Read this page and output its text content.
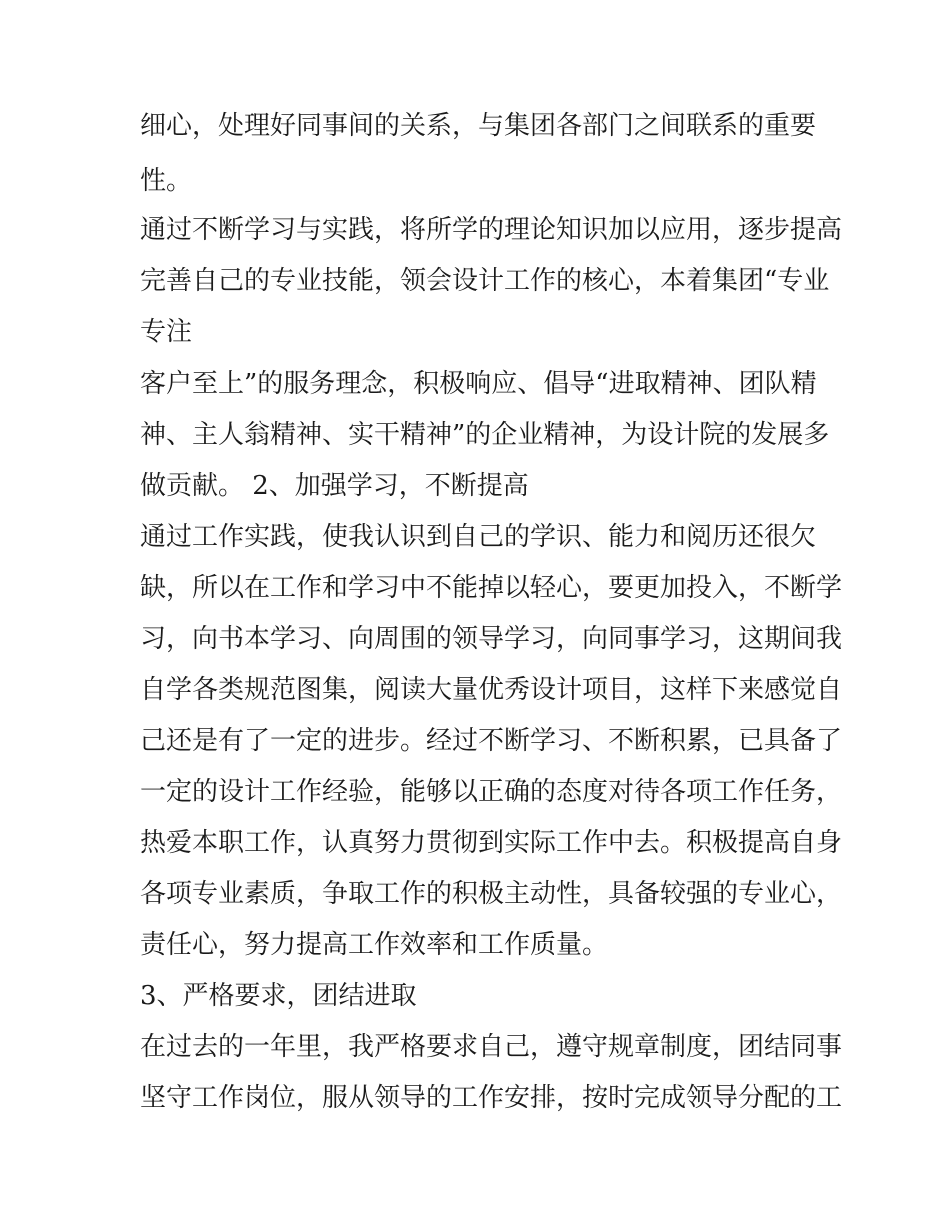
细心，处理好同事间的关系，与集团各部门之间联系的重要
性。
通过不断学习与实践，将所学的理论知识加以应用，逐步提高
完善自己的专业技能，领会设计工作的核心，本着集团“专业
专注
客户至上”的服务理念，积极响应、倡导“进取精神、团队精
神、主人翁精神、实干精神”的企业精神，为设计院的发展多
做贡献。 2、加强学习，不断提高
通过工作实践，使我认识到自己的学识、能力和阅历还很欠
缺，所以在工作和学习中不能掉以轻心，要更加投入，不断学
习，向书本学习、向周围的领导学习，向同事学习，这期间我
自学各类规范图集，阅读大量优秀设计项目，这样下来感觉自
己还是有了一定的进步。经过不断学习、不断积累，已具备了
一定的设计工作经验，能够以正确的态度对待各项工作任务，
热爱本职工作，认真努力贯彻到实际工作中去。积极提高自身
各项专业素质，争取工作的积极主动性，具备较强的专业心，
责任心，努力提高工作效率和工作质量。
3、严格要求，团结进取
在过去的一年里，我严格要求自己，遵守规章制度，团结同事
坚守工作岗位，服从领导的工作安排，按时完成领导分配的工
